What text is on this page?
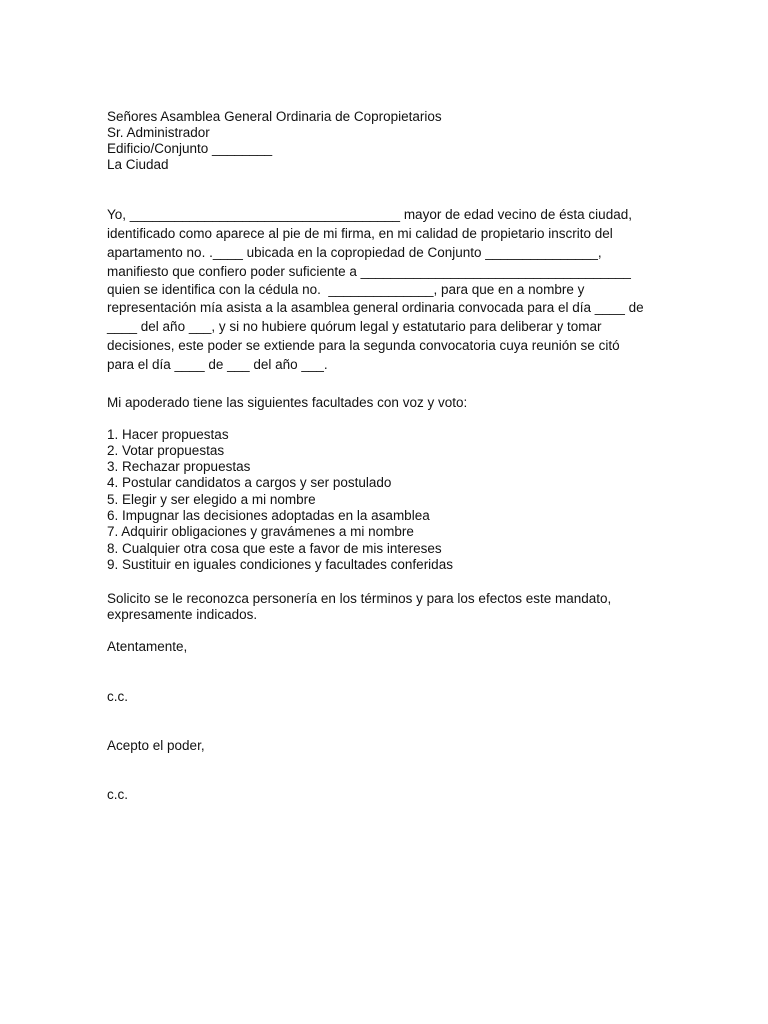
Señores Asamblea General Ordinaria de Copropietarios
Sr. Administrador
Edificio/Conjunto ________
La Ciudad
Yo, ____________________________________ mayor de edad vecino de ésta ciudad,
identificado como aparece al pie de mi firma, en mi calidad de propietario inscrito del
apartamento no. .____ ubicada en la copropiedad de Conjunto _______________,
manifiesto que confiero poder suficiente a ____________________________________
quien se identifica con la cédula no.  ______________, para que en a nombre y
representación mía asista a la asamblea general ordinaria convocada para el día ____ de
____ del año ___, y si no hubiere quórum legal y estatutario para deliberar y tomar
decisiones, este poder se extiende para la segunda convocatoria cuya reunión se citó
para el día ____ de ___ del año ___.
Mi apoderado tiene las siguientes facultades con voz y voto:
1. Hacer propuestas
2. Votar propuestas
3. Rechazar propuestas
4. Postular candidatos a cargos y ser postulado
5. Elegir y ser elegido a mi nombre
6. Impugnar las decisiones adoptadas en la asamblea
7. Adquirir obligaciones y gravámenes a mi nombre
8. Cualquier otra cosa que este a favor de mis intereses
9. Sustituir en iguales condiciones y facultades conferidas
Solicito se le reconozca personería en los términos y para los efectos este mandato,
expresamente indicados.
Atentamente,
c.c.
Acepto el poder,
c.c.
